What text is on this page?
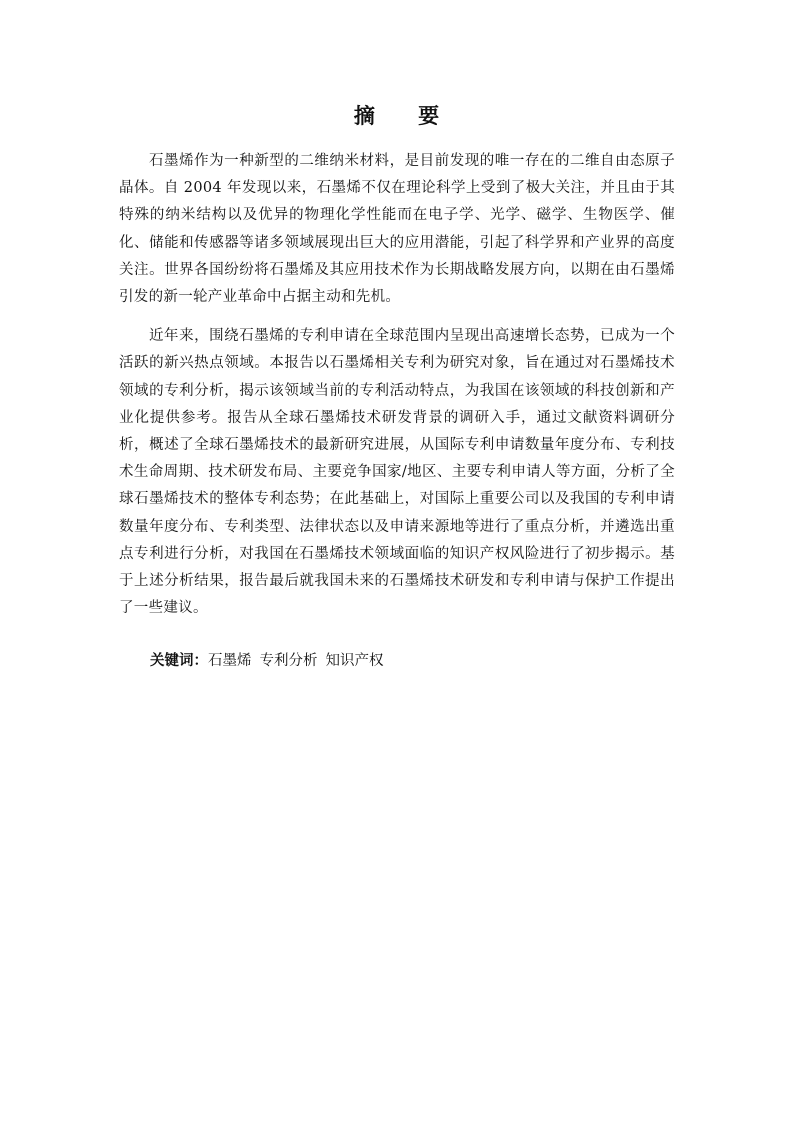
摘 要

石墨烯作为一种新型的二维纳米材料，是目前发现的唯一存在的二维自由态原子晶体。自 2004 年发现以来，石墨烯不仅在理论科学上受到了极大关注，并且由于其特殊的纳米结构以及优异的物理化学性能而在电子学、光学、磁学、生物医学、催化、储能和传感器等诸多领域展现出巨大的应用潜能，引起了科学界和产业界的高度关注。世界各国纷纷将石墨烯及其应用技术作为长期战略发展方向，以期在由石墨烯引发的新一轮产业革命中占据主动和先机。

近年来，围绕石墨烯的专利申请在全球范围内呈现出高速增长态势，已成为一个活跃的新兴热点领域。本报告以石墨烯相关专利为研究对象，旨在通过对石墨烯技术领域的专利分析，揭示该领域当前的专利活动特点，为我国在该领域的科技创新和产业化提供参考。报告从全球石墨烯技术研发背景的调研入手，通过文献资料调研分析，概述了全球石墨烯技术的最新研究进展，从国际专利申请数量年度分布、专利技术生命周期、技术研发布局、主要竞争国家/地区、主要专利申请人等方面，分析了全球石墨烯技术的整体专利态势；在此基础上，对国际上重要公司以及我国的专利申请数量年度分布、专利类型、法律状态以及申请来源地等进行了重点分析，并遴选出重点专利进行分析，对我国在石墨烯技术领域面临的知识产权风险进行了初步揭示。基于上述分析结果，报告最后就我国未来的石墨烯技术研发和专利申请与保护工作提出了一些建议。

关键词：石墨烯 专利分析 知识产权
